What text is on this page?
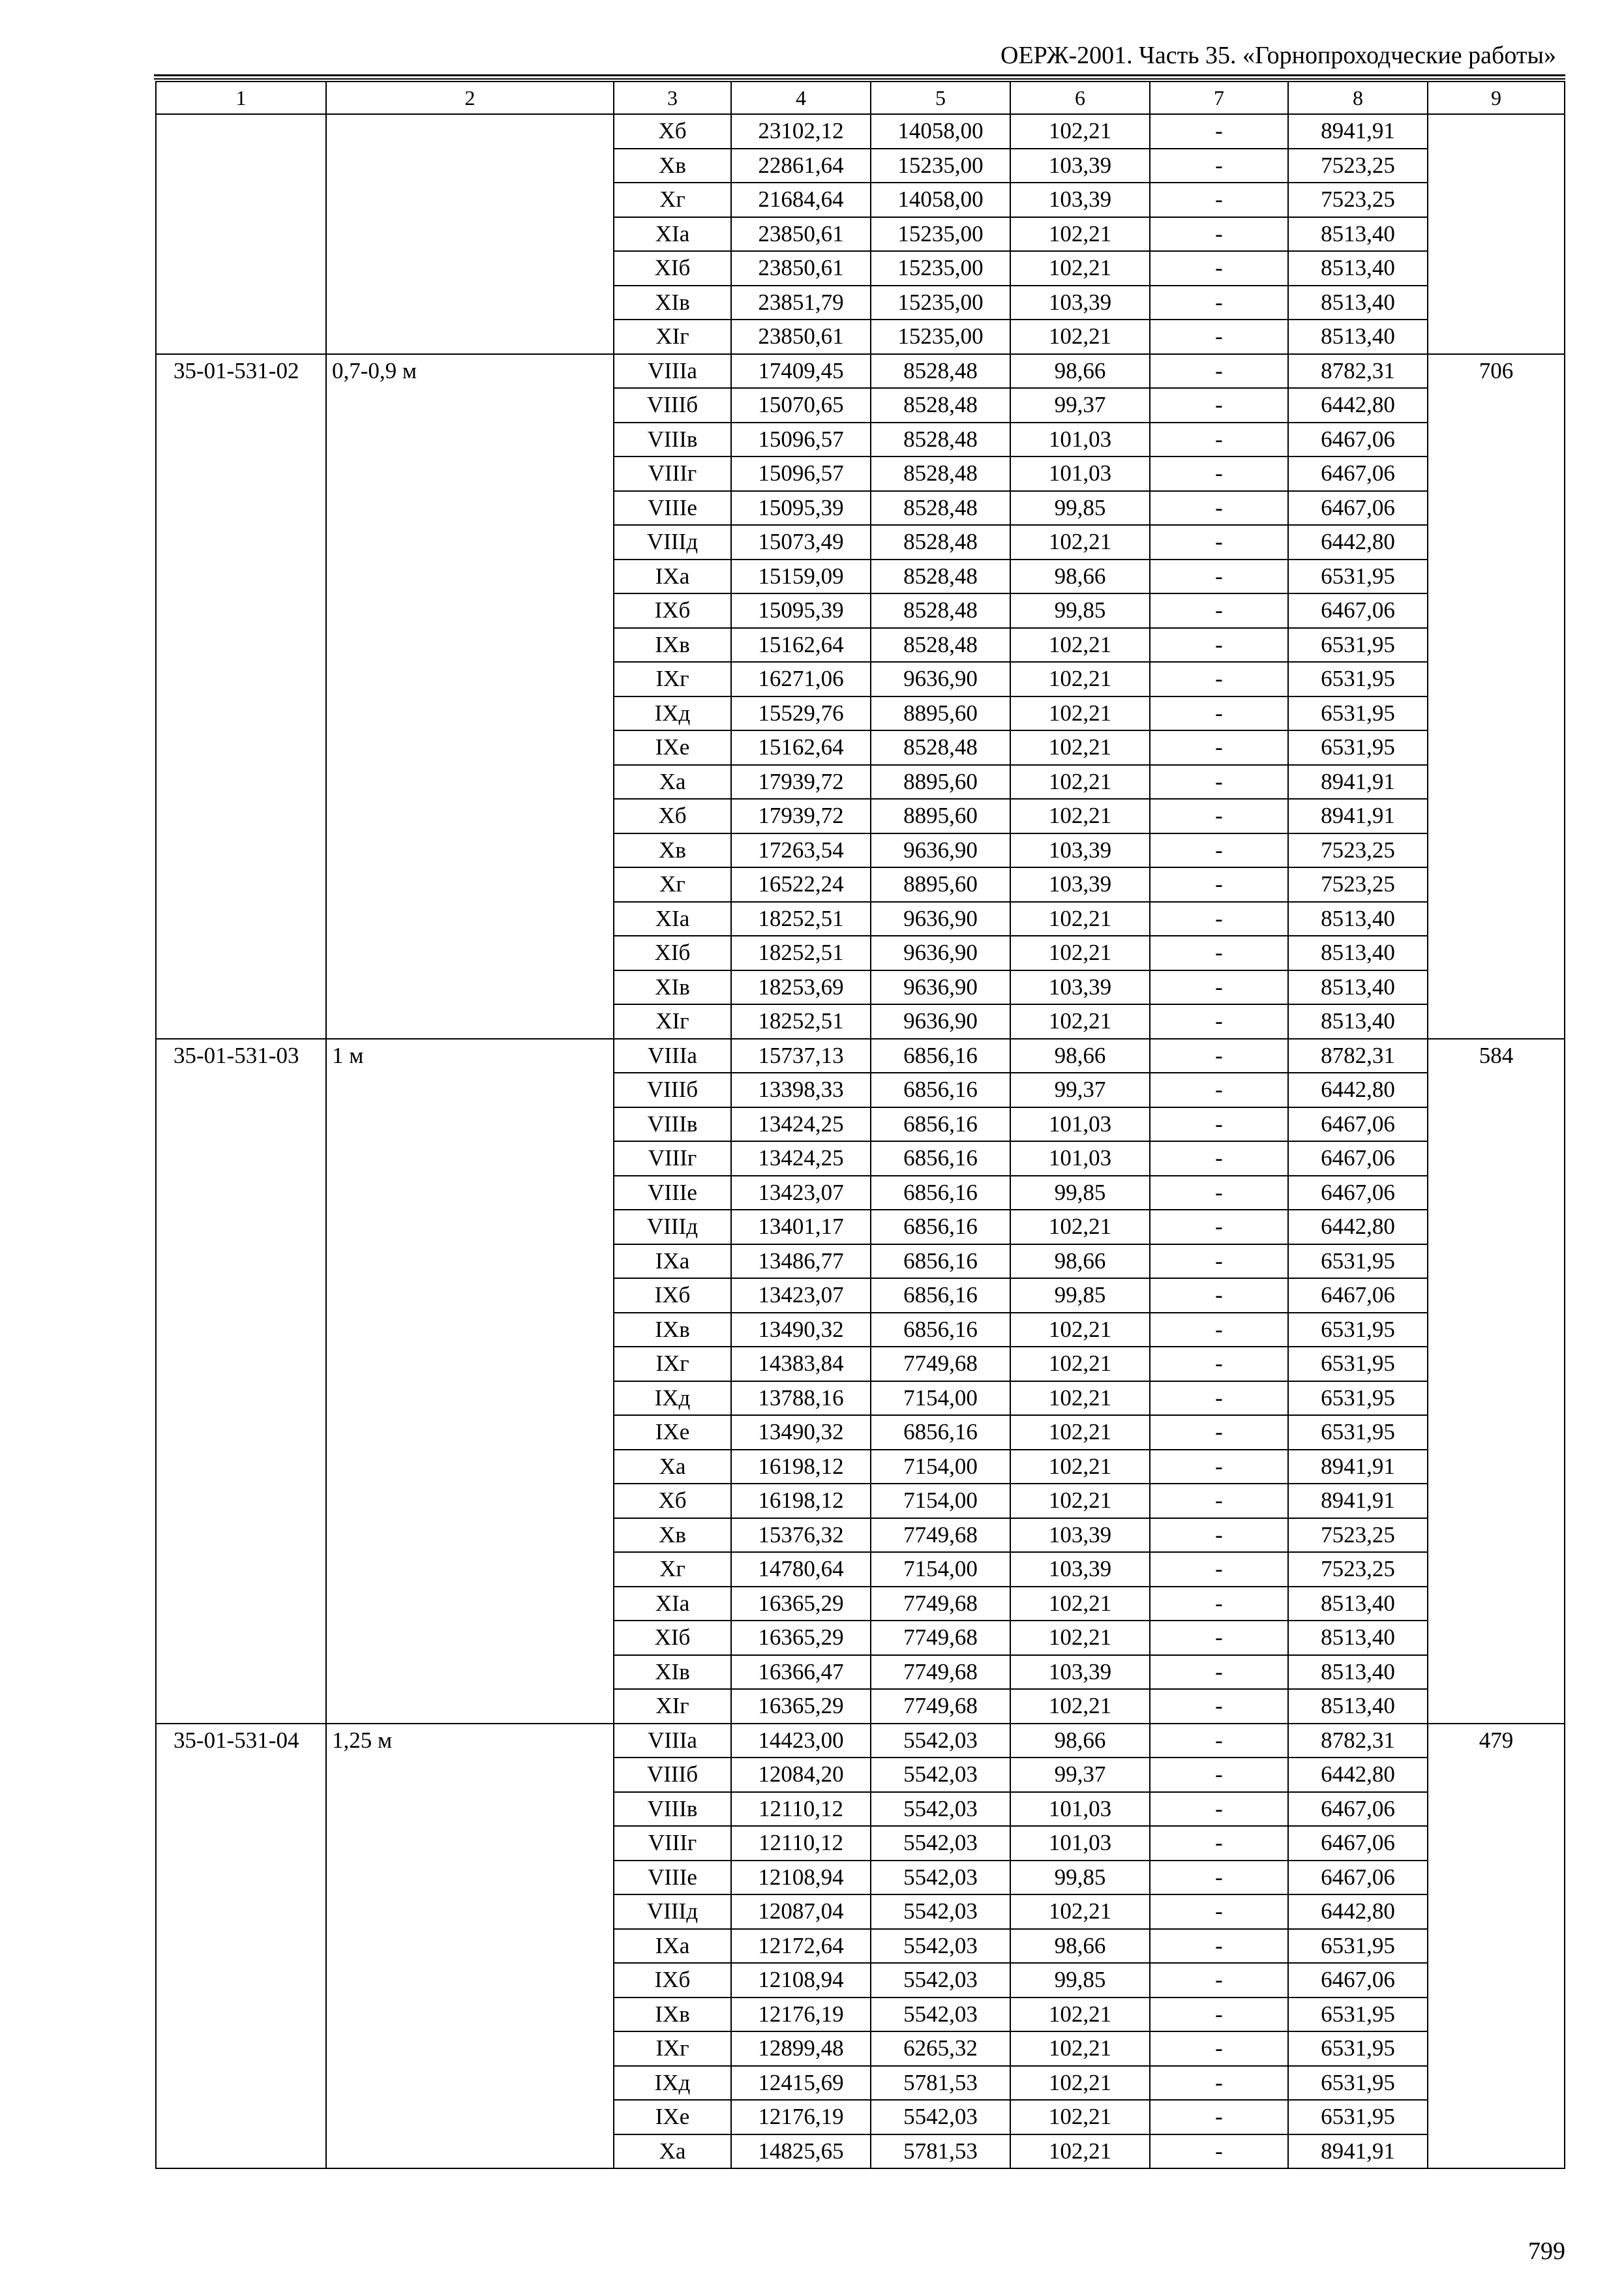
ОЕРЖ-2001. Часть 35. «Горнопроходческие работы»
1	2	3	4	5	6	7	8	9
		Xб	23102,12	14058,00	102,21	-	8941,91	
		Xв	22861,64	15235,00	103,39	-	7523,25	
		Xг	21684,64	14058,00	103,39	-	7523,25	
		XIа	23850,61	15235,00	102,21	-	8513,40	
		XIб	23850,61	15235,00	102,21	-	8513,40	
		XIв	23851,79	15235,00	103,39	-	8513,40	
		XIг	23850,61	15235,00	102,21	-	8513,40	
35-01-531-02	0,7-0,9 м	VIIIа	17409,45	8528,48	98,66	-	8782,31	706
		VIIIб	15070,65	8528,48	99,37	-	6442,80	
		VIIIв	15096,57	8528,48	101,03	-	6467,06	
		VIIIг	15096,57	8528,48	101,03	-	6467,06	
		VIIIе	15095,39	8528,48	99,85	-	6467,06	
		VIIIд	15073,49	8528,48	102,21	-	6442,80	
		IXа	15159,09	8528,48	98,66	-	6531,95	
		IXб	15095,39	8528,48	99,85	-	6467,06	
		IXв	15162,64	8528,48	102,21	-	6531,95	
		IXг	16271,06	9636,90	102,21	-	6531,95	
		IXд	15529,76	8895,60	102,21	-	6531,95	
		IXе	15162,64	8528,48	102,21	-	6531,95	
		Xа	17939,72	8895,60	102,21	-	8941,91	
		Xб	17939,72	8895,60	102,21	-	8941,91	
		Xв	17263,54	9636,90	103,39	-	7523,25	
		Xг	16522,24	8895,60	103,39	-	7523,25	
		XIа	18252,51	9636,90	102,21	-	8513,40	
		XIб	18252,51	9636,90	102,21	-	8513,40	
		XIв	18253,69	9636,90	103,39	-	8513,40	
		XIг	18252,51	9636,90	102,21	-	8513,40	
35-01-531-03	1 м	VIIIа	15737,13	6856,16	98,66	-	8782,31	584
		VIIIб	13398,33	6856,16	99,37	-	6442,80	
		VIIIв	13424,25	6856,16	101,03	-	6467,06	
		VIIIг	13424,25	6856,16	101,03	-	6467,06	
		VIIIе	13423,07	6856,16	99,85	-	6467,06	
		VIIIд	13401,17	6856,16	102,21	-	6442,80	
		IXа	13486,77	6856,16	98,66	-	6531,95	
		IXб	13423,07	6856,16	99,85	-	6467,06	
		IXв	13490,32	6856,16	102,21	-	6531,95	
		IXг	14383,84	7749,68	102,21	-	6531,95	
		IXд	13788,16	7154,00	102,21	-	6531,95	
		IXе	13490,32	6856,16	102,21	-	6531,95	
		Xа	16198,12	7154,00	102,21	-	8941,91	
		Xб	16198,12	7154,00	102,21	-	8941,91	
		Xв	15376,32	7749,68	103,39	-	7523,25	
		Xг	14780,64	7154,00	103,39	-	7523,25	
		XIа	16365,29	7749,68	102,21	-	8513,40	
		XIб	16365,29	7749,68	102,21	-	8513,40	
		XIв	16366,47	7749,68	103,39	-	8513,40	
		XIг	16365,29	7749,68	102,21	-	8513,40	
35-01-531-04	1,25 м	VIIIа	14423,00	5542,03	98,66	-	8782,31	479
		VIIIб	12084,20	5542,03	99,37	-	6442,80	
		VIIIв	12110,12	5542,03	101,03	-	6467,06	
		VIIIг	12110,12	5542,03	101,03	-	6467,06	
		VIIIе	12108,94	5542,03	99,85	-	6467,06	
		VIIIд	12087,04	5542,03	102,21	-	6442,80	
		IXа	12172,64	5542,03	98,66	-	6531,95	
		IXб	12108,94	5542,03	99,85	-	6467,06	
		IXв	12176,19	5542,03	102,21	-	6531,95	
		IXг	12899,48	6265,32	102,21	-	6531,95	
		IXд	12415,69	5781,53	102,21	-	6531,95	
		IXе	12176,19	5542,03	102,21	-	6531,95	
		Xа	14825,65	5781,53	102,21	-	8941,91	
799
